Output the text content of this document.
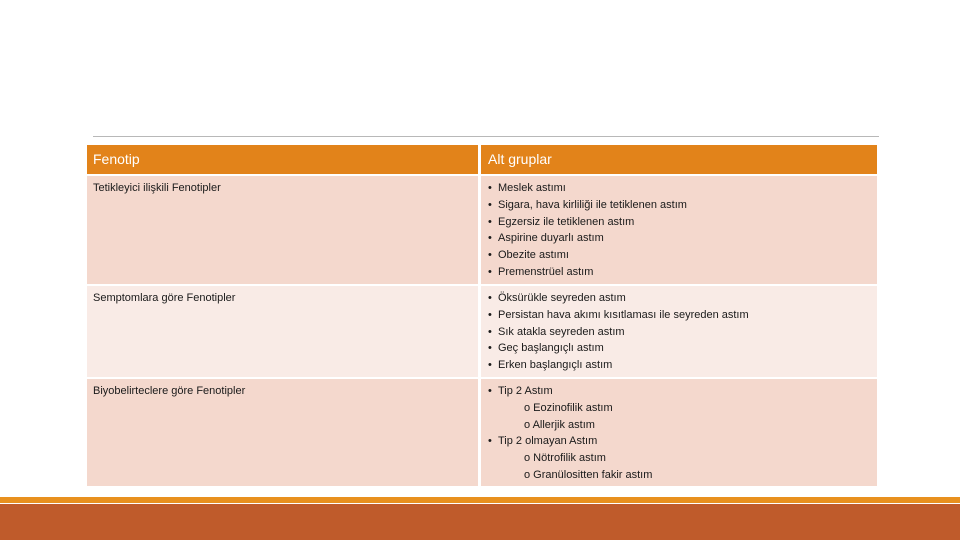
Fenotip	Alt gruplar
Tetikleyici ilişkili Fenotipler	• Meslek astımı
• Sigara, hava kirliliği ile tetiklenen astım
• Egzersiz ile tetiklenen astım
• Aspirine duyarlı astım
• Obezite astımı
• Premenstrüel astım
Semptomlara göre Fenotipler	• Öksürükle seyreden astım
• Persistan hava akımı kısıtlaması ile seyreden astım
• Sık atakla seyreden astım
• Geç başlangıçlı astım
• Erken başlangıçlı astım
Biyobelirteclere göre Fenotipler	• Tip 2 Astım
o Eozinofilik astım
o Allerjik astım
• Tip 2 olmayan Astım
o Nötrofilik astım
o Granülositten fakir astım
